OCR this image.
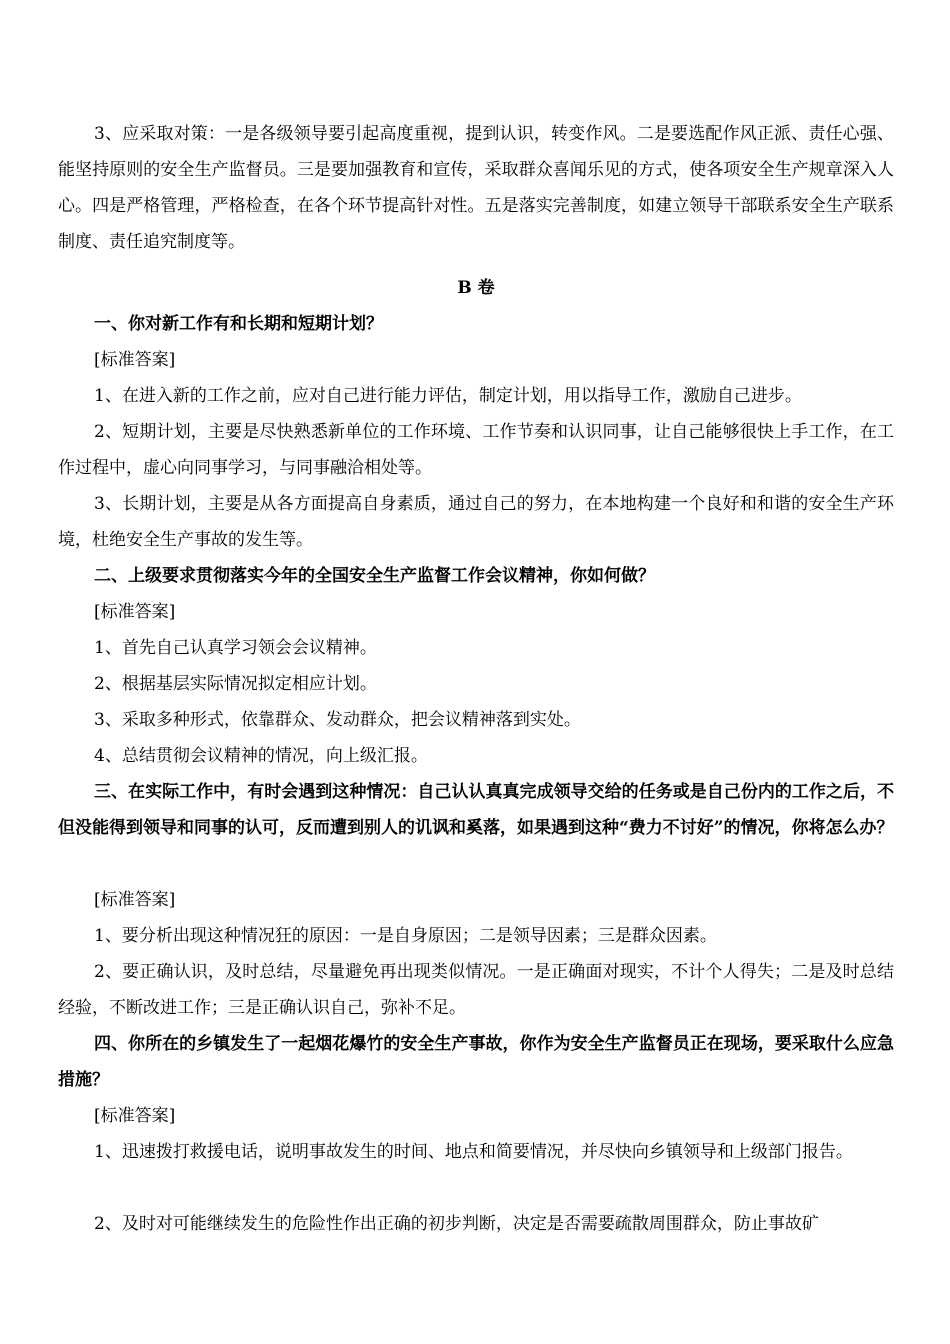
3、应采取对策：一是各级领导要引起高度重视，提到认识，转变作风。二是要选配作风正派、责任心强、能坚持原则的安全生产监督员。三是要加强教育和宣传，采取群众喜闻乐见的方式，使各项安全生产规章深入人心。四是严格管理，严格检查，在各个环节提高针对性。五是落实完善制度，如建立领导干部联系安全生产联系制度、责任追究制度等。

B 卷

一、你对新工作有和长期和短期计划？

[标准答案]

1、在进入新的工作之前，应对自己进行能力评估，制定计划，用以指导工作，激励自己进步。

2、短期计划，主要是尽快熟悉新单位的工作环境、工作节奏和认识同事，让自己能够很快上手工作，在工作过程中，虚心向同事学习，与同事融洽相处等。

3、长期计划，主要是从各方面提高自身素质，通过自己的努力，在本地构建一个良好和和谐的安全生产环境，杜绝安全生产事故的发生等。

二、上级要求贯彻落实今年的全国安全生产监督工作会议精神，你如何做？

[标准答案]

1、首先自己认真学习领会会议精神。

2、根据基层实际情况拟定相应计划。

3、采取多种形式，依靠群众、发动群众，把会议精神落到实处。

4、总结贯彻会议精神的情况，向上级汇报。

三、在实际工作中，有时会遇到这种情况：自己认认真真完成领导交给的任务或是自己份内的工作之后，不但没能得到领导和同事的认可，反而遭到别人的讥讽和奚落，如果遇到这种“费力不讨好”的情况，你将怎么办？

[标准答案]

1、要分析出现这种情况狂的原因：一是自身原因；二是领导因素；三是群众因素。

2、要正确认识，及时总结，尽量避免再出现类似情况。一是正确面对现实，不计个人得失；二是及时总结经验，不断改进工作；三是正确认识自己，弥补不足。

四、你所在的乡镇发生了一起烟花爆竹的安全生产事故，你作为安全生产监督员正在现场，要采取什么应急措施？

[标准答案]

1、迅速拨打救援电话，说明事故发生的时间、地点和简要情况，并尽快向乡镇领导和上级部门报告。

2、及时对可能继续发生的危险性作出正确的初步判断，决定是否需要疏散周围群众，防止事故矿
